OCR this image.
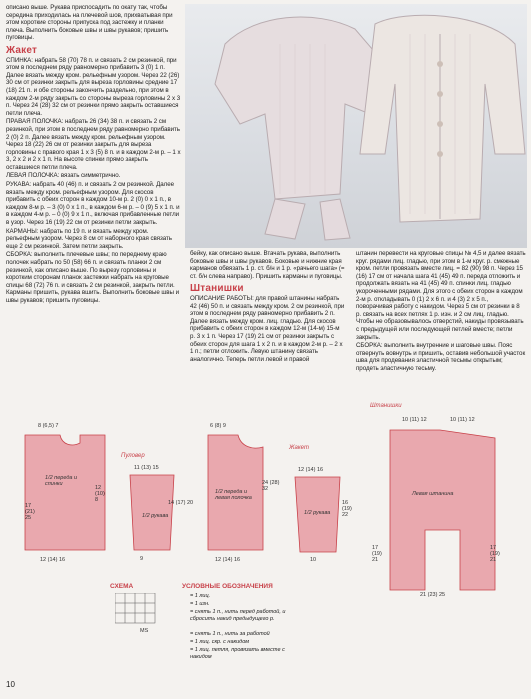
описано выше. Рукава приспосадить по окату так, чтобы середина приходилась на плечевой шов, прихватывая при этом короткие стороны припуска под застежку и планки плеча. Выполнить боковые швы и швы рукавов; пришить пуговицы.

Жакет

СПИНКА: набрать 58 (70) 78 п. и связать 2 см резинкой, при этом в последнем ряду равномерно прибавить 3 (0) 1 п. Далее вязать между кром. рельефным узором. Через 22 (26) 30 см от резинки закрыть для выреза горловины средние 17 (18) 21 п. и обе стороны закончить раздельно, при этом в каждом 2-м ряду закрыть со стороны выреза горловины 2 х 3 п. Через 24 (28) 32 см от резинки прямо закрыть оставшиеся петли плеча.

ПРАВАЯ ПОЛОЧКА: набрать 26 (34) 38 п. и связать 2 см резинкой, при этом в последнем ряду равномерно прибавить 2 (0) 2 п. Далее вязать между кром. рельефным узором. Через 18 (22) 26 см от резинки закрыть для выреза горловины с правого края 1 х 3 (5) 8 п. и в каждом 2-м р. – 1 х 3, 2 х 2 и 2 х 1 п. На высоте спинки прямо закрыть оставшиеся петли плеча.

ЛЕВАЯ ПОЛОЧКА: вязать симметрично.

РУКАВА: набрать 40 (46) п. и связать 2 см резинкой. Далее вязать между кром. рельефным узором. Для скосов прибавить с обеих сторон в каждом 10-м р. 2 (0) 0 х 1 п., в каждом 8-м р. – 3 (0) 0 х 1 п., в каждом 6-м р. – 0 (9) 5 х 1 п. и в каждом 4-м р. – 0 (0) 9 х 1 п., включая прибавленные петли в узор. Через 16 (19) 22 см от резинки петли закрыть.

КАРМАНЫ: набрать по 19 п. и вязать между кром. рельефным узором. Через 8 см от наборного края связать еще 2 см резинкой. Затем петли закрыть.

СБОРКА: выполнить плечевые швы; по переднему краю полочек набрать по 50 (58) 66 п. и связать планки 2 см резинкой, как описано выше. По вырезу горловины и коротким сторонам планок застежки набрать на круговые спицы 68 (72) 76 п. и связать 2 см резинкой, закрыть петли. Карманы пришить, рукава вшить. Выполнить боковые швы и швы рукавов; пришить пуговицы.

бейку, как описано выше. Втачать рукава, выполнить боковые швы и швы рукавов. Боковые и нижние края карманов обвязать 1 р. ст. б/н и 1 р. «рачьего шага» (= ст. б/н слева направо). Пришить карманы и пуговицы.

Штанишки

ОПИСАНИЕ РАБОТЫ: для правой штанины набрать 42 (46) 50 п. и связать между кром. 2 см резинкой, при этом в последнем ряду равномерно прибавить 2 п. Далее вязать между кром. лиц. гладью. Для скосов прибавить с обеих сторон в каждом 12-м (14-м) 15-м р. 3 х 1 п. Через 17 (19) 21 см от резинки закрыть с обеих сторон для шага 1 х 2 п. и в каждом 2-м р. – 2 х 1 п.; петли отложить. Левую штанину связать аналогично. Теперь петли левой и правой

штанин перевести на круговые спицы № 4,5 и далее вязать круг. рядами лиц. гладью, при этом в 1-м круг. р. смежные кром. петли провязать вместе лиц. = 82 (90) 98 п. Через 15 (16) 17 см от начала шага 41 (45) 49 п. переда отложить и продолжать вязать на 41 (45) 49 п. спинки лиц. гладью укороченными рядами. Для этого с обеих сторон в каждом 2-м р. откладывать 0 (1) 2 х 6 п. и 4 (3) 2 х 5 п., поворачивая работу с накидом. Через 5 см от резинки в 8 р. связать на всех петлях 1 р. изн. и 2 см лиц. гладью. Чтобы не образовывалось отверстий, накиды провязывать с предыдущей или последующей петлей вместе; петли закрыть.

СБОРКА: выполнить внутренние и шаговые швы. Пояс отвернуть вовнутрь и пришить, оставив небольшой участок шва для продевания эластичной тесьмы открытым; продеть эластичную тесьму.

8 (6,5) 7
17
(21)
25
1/2 переда и спинки
12
(10)
8
12 (14) 16
Пуловер
11 (13) 15
1/2 рукава
14 (17) 20
9
6 (8) 9
1/2 переда и левая полочка
24 (28) 32
12 (14) 16
Жакет
12 (14) 16
1/2 рукава
16 (19) 22
10
Штанишки
10 (11) 12	10 (11) 12
Левая штанина
17 (19) 21
17 (19) 21
21 (23) 25
СХЕМА
MS
УСЛОВНЫЕ ОБОЗНАЧЕНИЯ
= 1 лиц.
= 1 изн.
= снять 1 п., нить перед работой, и сбросить накид предыдущего р.
= снять 1 п., нить за работой
= 1 лиц. скр. с накидом
= 1 лиц. петля, провязать вместе с накидом
10
